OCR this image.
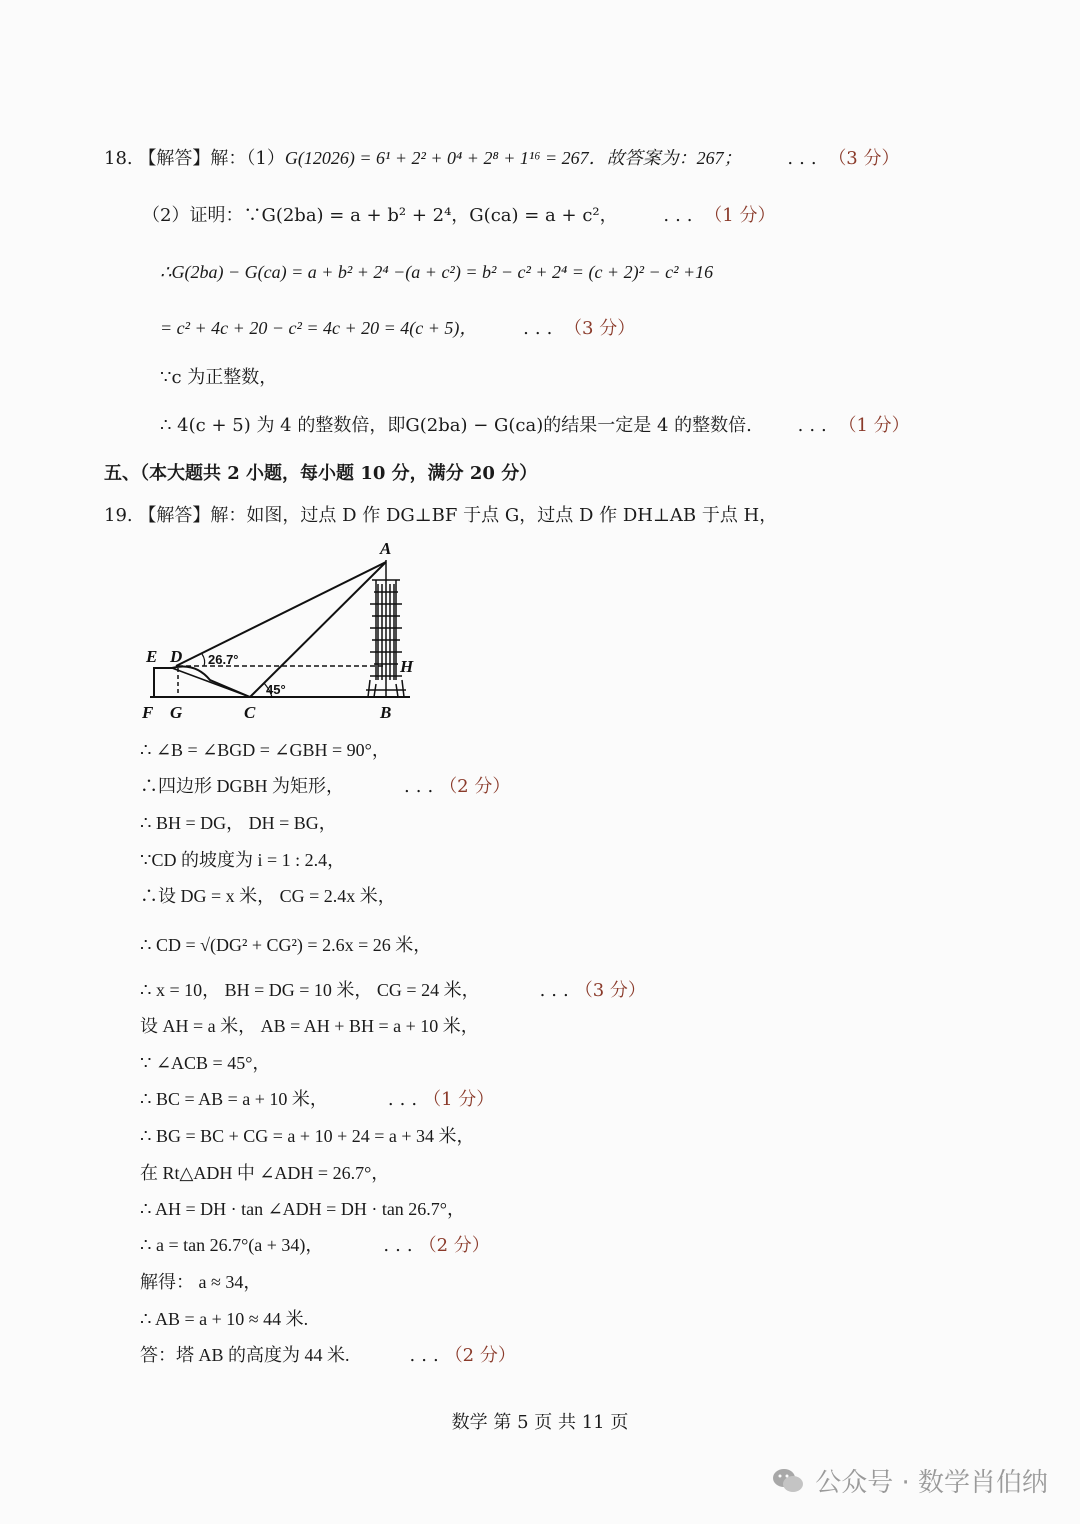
18. 【解答】解：（1）G(12026) = 6¹ + 2² + 0⁴ + 2⁸ + 1¹⁶ = 267．故答案为：267；	... （3 分）
（2）证明：∵G(2ba) = a + b² + 2⁴，G(ca) = a + c²，	... （1 分）
∴G(2ba) − G(ca) = a + b² + 2⁴ −(a + c²) = b² − c² + 2⁴ = (c + 2)² − c² +16
= c² + 4c + 20 − c² = 4c + 20 = 4(c + 5)，	... （3 分）
∵c 为正整数，
∴ 4(c + 5) 为 4 的整数倍，即G(2ba) − G(ca)的结果一定是 4 的整数倍.	... （1 分）
五、（本大题共 2 小题，每小题 10 分，满分 20 分）
19. 【解答】解：如图，过点 D 作 DG⊥BF 于点 G，过点 D 作 DH⊥AB 于点 H，
A
E D
H
F G	C	B
26.7°
45°
∴ ∠B = ∠BGD = ∠GBH = 90°，
∴四边形 DGBH 为矩形，	...（2 分）
∴ BH = DG， DH = BG，
∵CD 的坡度为 i = 1 : 2.4，
∴设 DG = x 米， CG = 2.4x 米，
∴ CD = √(DG² + CG²) = 2.6x = 26 米，
∴ x = 10， BH = DG = 10 米， CG = 24 米，	...（3 分）
设 AH = a 米， AB = AH + BH = a + 10 米，
∵ ∠ACB = 45°，
∴ BC = AB = a + 10 米，	...（1 分）
∴ BG = BC + CG = a + 10 + 24 = a + 34 米，
在 Rt△ADH 中 ∠ADH = 26.7°，
∴ AH = DH · tan ∠ADH = DH · tan 26.7°，
∴ a = tan 26.7°(a + 34)，	...（2 分）
解得： a ≈ 34，
∴ AB = a + 10 ≈ 44 米.
答：塔 AB 的高度为 44 米.	...（2 分）
数学 第 5 页 共 11 页
公众号 · 数学肖伯纳
